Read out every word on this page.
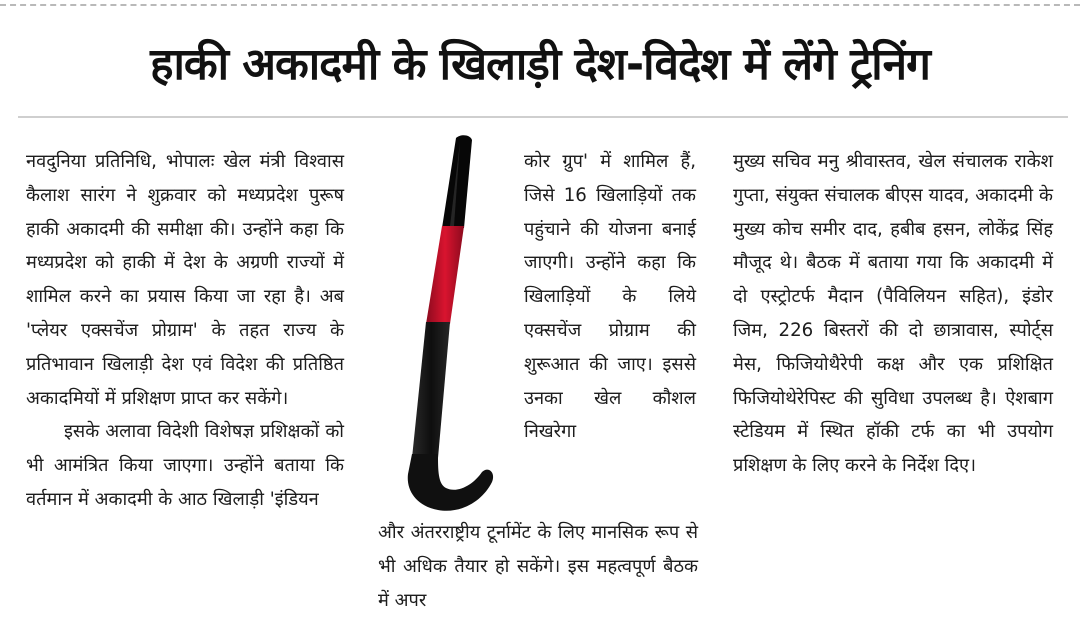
हाकी अकादमी के खिलाड़ी देश-विदेश में लेंगे ट्रेनिंग

नवदुनिया प्रतिनिधि, भोपालः खेल मंत्री विश्वास कैलाश सारंग ने शुक्रवार को मध्यप्रदेश पुरूष हाकी अकादमी की समीक्षा की। उन्होंने कहा कि मध्यप्रदेश को हाकी में देश के अग्रणी राज्यों में शामिल करने का प्रयास किया जा रहा है। अब 'प्लेयर एक्सचेंज प्रोग्राम' के तहत राज्य के प्रतिभावान खिलाड़ी देश एवं विदेश की प्रतिष्ठित अकादमियों में प्रशिक्षण प्राप्त कर सकेंगे।

इसके अलावा विदेशी विशेषज्ञ प्रशिक्षकों को भी आमंत्रित किया जाएगा। उन्होंने बताया कि वर्तमान में अकादमी के आठ खिलाड़ी 'इंडियन

कोर ग्रुप' में शामिल हैं, जिसे 16 खिलाड़ियों तक पहुंचाने की योजना बनाई जाएगी। उन्होंने कहा कि खिलाड़ियों के लिये एक्सचेंज प्रोग्राम की शुरूआत की जाए। इससे उनका खेल कौशल निखरेगा
और अंतरराष्ट्रीय टूर्नामेंट के लिए मानसिक रूप से भी अधिक तैयार हो सकेंगे। इस महत्वपूर्ण बैठक में अपर
मुख्य सचिव मनु श्रीवास्तव, खेल संचालक राकेश गुप्ता, संयुक्त संचालक बीएस यादव, अकादमी के मुख्य कोच समीर दाद, हबीब हसन, लोकेंद्र सिंह मौजूद थे। बैठक में बताया गया कि अकादमी में दो एस्ट्रोटर्फ मैदान (पैविलियन सहित), इंडोर जिम, 226 बिस्तरों की दो छात्रावास, स्पोर्ट्स मेस, फिजियोथैरेपी कक्ष और एक प्रशिक्षित फिजियोथेरेपिस्ट की सुविधा उपलब्ध है। ऐशबाग स्टेडियम में स्थित हॉकी टर्फ का भी उपयोग प्रशिक्षण के लिए करने के निर्देश दिए।
